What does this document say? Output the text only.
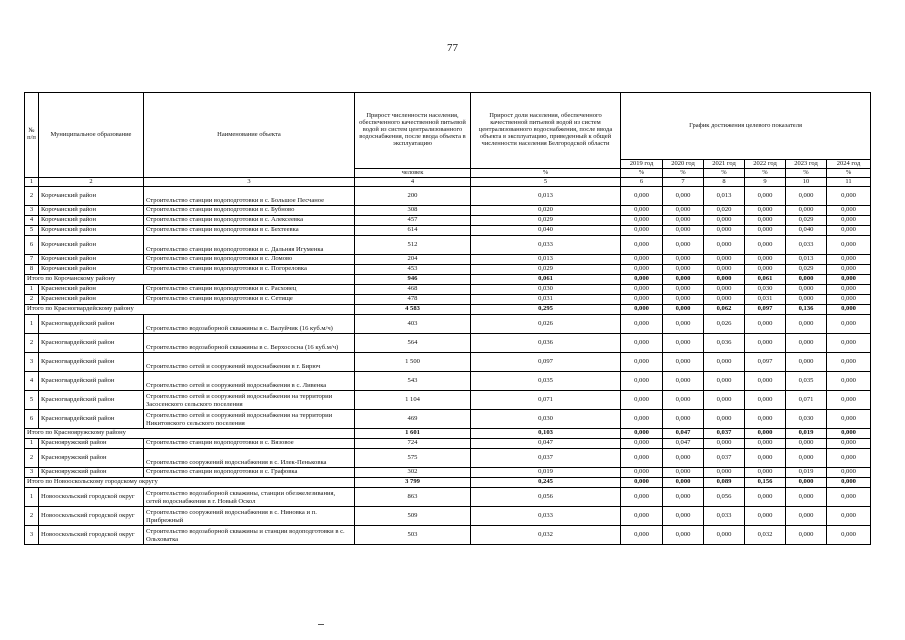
77
№ п/п	Муниципальное образование	Наименование объекта	Прирост численности населения, обеспеченного качественной питьевой водой из систем централизованного водоснабжения, после ввода объекта в эксплуатацию	Прирост доли населения, обеспеченного качественной питьевой водой из систем централизованного водоснабжения, после ввода объекта в эксплуатацию, приведенный к общей численности населения Белгородской области	График достижения целевого показателя					
					2019 год	2020 год	2021 год	2022 год	2023 год	2024 год
			человек	%	%	%	%	%	%	%
1	2	3	4	5	6	7	8	9	10	11
2	Корочанский район	Строительство станции водоподготовки в с. Большое Песчаное	200	0,013	0,000	0,000	0,013	0,000	0,000	0,000
3	Корочанский район	Строительство станции водоподготовки в с. Бубново	308	0,020	0,000	0,000	0,020	0,000	0,000	0,000
4	Корочанский район	Строительство станции водоподготовки в с. Алексеевка	457	0,029	0,000	0,000	0,000	0,000	0,029	0,000
5	Корочанский район	Строительство станции водоподготовки в с. Бехтеевка	614	0,040	0,000	0,000	0,000	0,000	0,040	0,000
6	Корочанский район	Строительство станции водоподготовки в с. Дальняя Игуменка	512	0,033	0,000	0,000	0,000	0,000	0,033	0,000
7	Корочанский район	Строительство станции водоподготовки в с. Ломово	204	0,013	0,000	0,000	0,000	0,000	0,013	0,000
8	Корочанский район	Строительство станции водоподготовки в с. Погореловка	453	0,029	0,000	0,000	0,000	0,000	0,029	0,000
Итого по Корочанскому району			946	0,061	0,000	0,000	0,000	0,061	0,000	0,000
1	Красненский район	Строительство станции водоподготовки в с. Расховец	468	0,030	0,000	0,000	0,000	0,030	0,000	0,000
2	Красненский район	Строительство станции водоподготовки в с. Сетище	478	0,031	0,000	0,000	0,000	0,031	0,000	0,000
Итого по Красногвардейскому району			4 583	0,295	0,000	0,000	0,062	0,097	0,136	0,000
1	Красногвардейский район	Строительство водозаборной скважины в с. Валуйчик (16 куб.м/ч)	403	0,026	0,000	0,000	0,026	0,000	0,000	0,000
2	Красногвардейский район	Строительство водозаборной скважины в с. Верхососна (16 куб.м/ч)	564	0,036	0,000	0,000	0,036	0,000	0,000	0,000
3	Красногвардейский район	Строительство сетей и сооружений водоснабжения в г. Бирюч	1 500	0,097	0,000	0,000	0,000	0,097	0,000	0,000
4	Красногвардейский район	Строительство сетей и сооружений водоснабжения в с. Ливенка	543	0,035	0,000	0,000	0,000	0,000	0,035	0,000
5	Красногвардейский район	Строительство сетей и сооружений водоснабжения на территории Засосенского сельского поселения	1 104	0,071	0,000	0,000	0,000	0,000	0,071	0,000
6	Красногвардейский район	Строительство сетей и сооружений водоснабжения на территории Никитовского сельского поселения	469	0,030	0,000	0,000	0,000	0,000	0,030	0,000
Итого по Краснояружскому району			1 601	0,103	0,000	0,047	0,037	0,000	0,019	0,000
1	Краснояружский район	Строительство станции водоподготовки в с. Вязовое	724	0,047	0,000	0,047	0,000	0,000	0,000	0,000
2	Краснояружский район	Строительство сооружений водоснабжения в с. Илек-Пеньковка	575	0,037	0,000	0,000	0,037	0,000	0,000	0,000
3	Краснояружский район	Строительство станции водоподготовки в с. Графовка	302	0,019	0,000	0,000	0,000	0,000	0,019	0,000
Итого по Новооскольскому городскому округу			3 799	0,245	0,000	0,000	0,089	0,156	0,000	0,000
1	Новооскольский городской округ	Строительство водозаборной скважины, станции обезжелезивания, сетей водоснабжения в г. Новый Оскол	863	0,056	0,000	0,000	0,056	0,000	0,000	0,000
2	Новооскольский городской округ	Строительство сооружений водоснабжения в с. Ниновка и п. Прибрежный	509	0,033	0,000	0,000	0,033	0,000	0,000	0,000
3	Новооскольский городской округ	Строительство водозаборной скважины и станции водоподготовки в с. Ольховатка	503	0,032	0,000	0,000	0,000	0,032	0,000	0,000
